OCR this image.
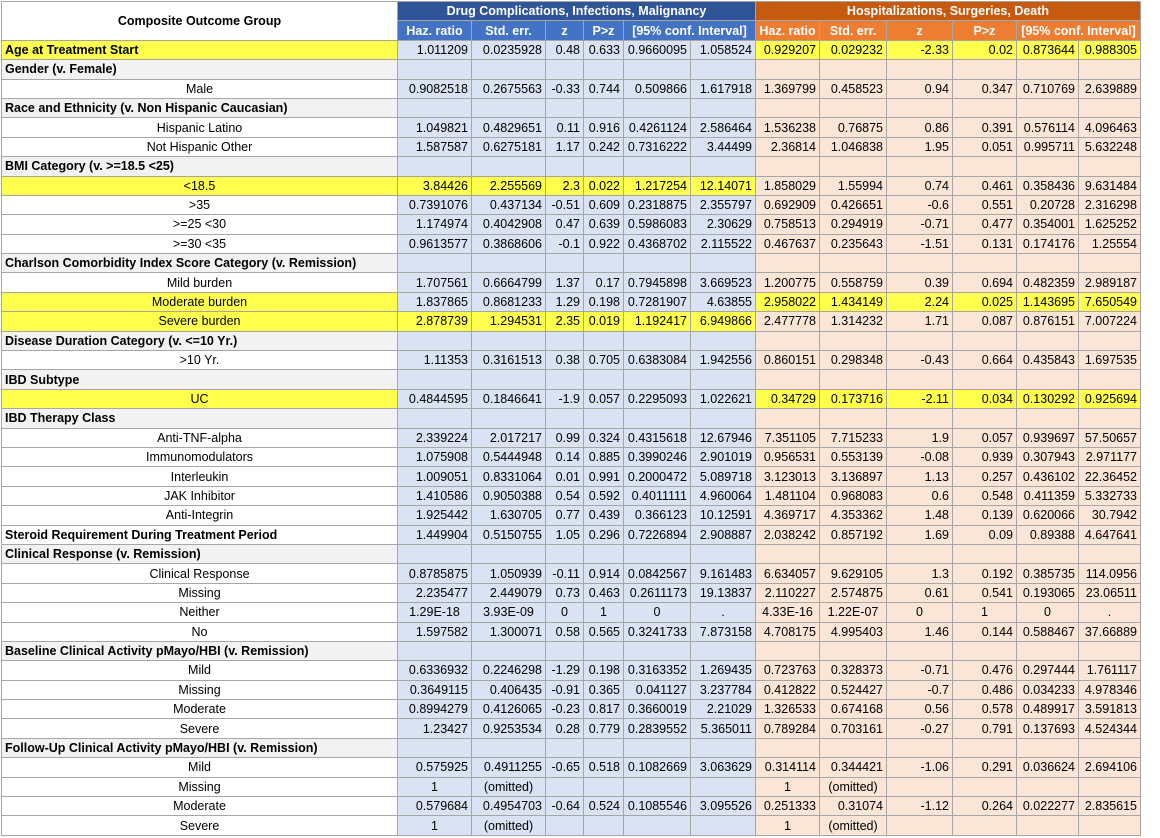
Composite Outcome Group	Drug Complications, Infections, Malignancy						Hospitalizations, Surgeries, Death					
	Haz. ratio	Std. err.	z	P>z	[95% conf. Interval]		Haz. ratio	Std. err.	z	P>z	[95% conf. Interval]	
Age at Treatment Start	1.011209	0.0235928	0.48	0.633	0.9660095	1.058524	0.929207	0.029232	-2.33	0.02	0.873644	0.988305
Gender (v. Female)												
Male	0.9082518	0.2675563	-0.33	0.744	0.509866	1.617918	1.369799	0.458523	0.94	0.347	0.710769	2.639889
Race and Ethnicity (v. Non Hispanic Caucasian)												
Hispanic Latino	1.049821	0.4829651	0.11	0.916	0.4261124	2.586464	1.536238	0.76875	0.86	0.391	0.576114	4.096463
Not Hispanic Other	1.587587	0.6275181	1.17	0.242	0.7316222	3.44499	2.36814	1.046838	1.95	0.051	0.995711	5.632248
BMI Category (v. >=18.5 <25)												
<18.5	3.84426	2.255569	2.3	0.022	1.217254	12.14071	1.858029	1.55994	0.74	0.461	0.358436	9.631484
>35	0.7391076	0.437134	-0.51	0.609	0.2318875	2.355797	0.692909	0.426651	-0.6	0.551	0.20728	2.316298
>=25 <30	1.174974	0.4042908	0.47	0.639	0.5986083	2.30629	0.758513	0.294919	-0.71	0.477	0.354001	1.625252
>=30 <35	0.9613577	0.3868606	-0.1	0.922	0.4368702	2.115522	0.467637	0.235643	-1.51	0.131	0.174176	1.25554
Charlson Comorbidity Index Score Category (v. Remission)												
Mild burden	1.707561	0.6664799	1.37	0.17	0.7945898	3.669523	1.200775	0.558759	0.39	0.694	0.482359	2.989187
Moderate burden	1.837865	0.8681233	1.29	0.198	0.7281907	4.63855	2.958022	1.434149	2.24	0.025	1.143695	7.650549
Severe burden	2.878739	1.294531	2.35	0.019	1.192417	6.949866	2.477778	1.314232	1.71	0.087	0.876151	7.007224
Disease Duration Category (v. <=10 Yr.)												
>10 Yr.	1.11353	0.3161513	0.38	0.705	0.6383084	1.942556	0.860151	0.298348	-0.43	0.664	0.435843	1.697535
IBD Subtype												
UC	0.4844595	0.1846641	-1.9	0.057	0.2295093	1.022621	0.34729	0.173716	-2.11	0.034	0.130292	0.925694
IBD Therapy Class												
Anti-TNF-alpha	2.339224	2.017217	0.99	0.324	0.4315618	12.67946	7.351105	7.715233	1.9	0.057	0.939697	57.50657
Immunomodulators	1.075908	0.5444948	0.14	0.885	0.3990246	2.901019	0.956531	0.553139	-0.08	0.939	0.307943	2.971177
Interleukin	1.009051	0.8331064	0.01	0.991	0.2000472	5.089718	3.123013	3.136897	1.13	0.257	0.436102	22.36452
JAK Inhibitor	1.410586	0.9050388	0.54	0.592	0.4011111	4.960064	1.481104	0.968083	0.6	0.548	0.411359	5.332733
Anti-Integrin	1.925442	1.630705	0.77	0.439	0.366123	10.12591	4.369717	4.353362	1.48	0.139	0.620066	30.7942
Steroid Requirement During Treatment Period	1.449904	0.5150755	1.05	0.296	0.7226894	2.908887	2.038242	0.857192	1.69	0.09	0.89388	4.647641
Clinical Response (v. Remission)												
Clinical Response	0.8785875	1.050939	-0.11	0.914	0.0842567	9.161483	6.634057	9.629105	1.3	0.192	0.385735	114.0956
Missing	2.235477	2.449079	0.73	0.463	0.2611173	19.13837	2.110227	2.574875	0.61	0.541	0.193065	23.06511
Neither	1.29E-18	3.93E-09	0	1	0	.	4.33E-16	1.22E-07	0	1	0	.
No	1.597582	1.300071	0.58	0.565	0.3241733	7.873158	4.708175	4.995403	1.46	0.144	0.588467	37.66889
Baseline Clinical Activity pMayo/HBI (v. Remission)												
Mild	0.6336932	0.2246298	-1.29	0.198	0.3163352	1.269435	0.723763	0.328373	-0.71	0.476	0.297444	1.761117
Missing	0.3649115	0.406435	-0.91	0.365	0.041127	3.237784	0.412822	0.524427	-0.7	0.486	0.034233	4.978346
Moderate	0.8994279	0.4126065	-0.23	0.817	0.3660019	2.21029	1.326533	0.674168	0.56	0.578	0.489917	3.591813
Severe	1.23427	0.9253534	0.28	0.779	0.2839552	5.365011	0.789284	0.703161	-0.27	0.791	0.137693	4.524344
Follow-Up Clinical Activity pMayo/HBI (v. Remission)												
Mild	0.575925	0.4911255	-0.65	0.518	0.1082669	3.063629	0.314114	0.344421	-1.06	0.291	0.036624	2.694106
Missing	1	(omitted)					1	(omitted)				
Moderate	0.579684	0.4954703	-0.64	0.524	0.1085546	3.095526	0.251333	0.31074	-1.12	0.264	0.022277	2.835615
Severe	1	(omitted)					1	(omitted)				
